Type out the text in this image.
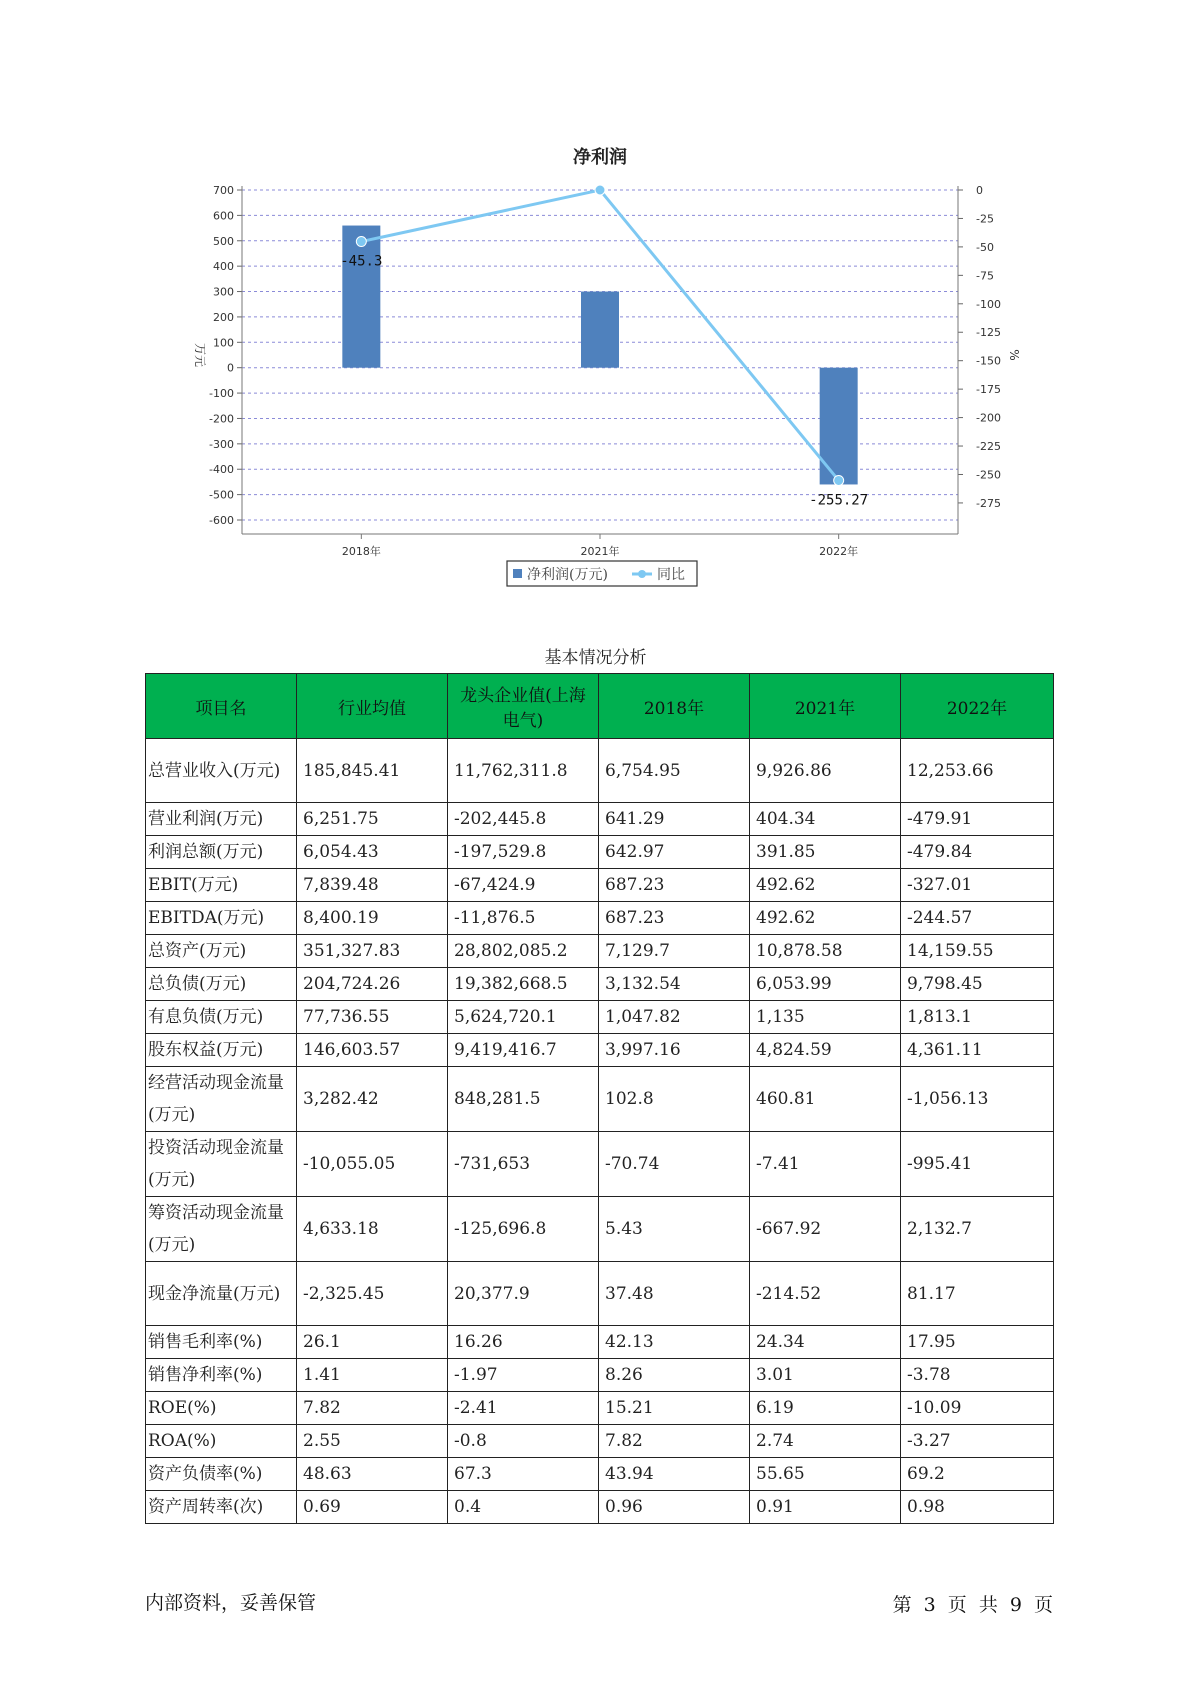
净利润
700
600
500
400
300
200
100
0
-100
-200
-300
-400
-500
-600
0
-25
-50
-75
-100
-125
-150
-175
-200
-225
-250
-275
万元	%
2018年	2021年	2022年
-45.3
-255.27
净利润(万元)	同比
基本情况分析
项目名	行业均值	龙头企业值(上海电气)	2018年	2021年	2022年
总营业收入(万元)	185,845.41	11,762,311.8	6,754.95	9,926.86	12,253.66
营业利润(万元)	6,251.75	-202,445.8	641.29	404.34	-479.91
利润总额(万元)	6,054.43	-197,529.8	642.97	391.85	-479.84
EBIT(万元)	7,839.48	-67,424.9	687.23	492.62	-327.01
EBITDA(万元)	8,400.19	-11,876.5	687.23	492.62	-244.57
总资产(万元)	351,327.83	28,802,085.2	7,129.7	10,878.58	14,159.55
总负债(万元)	204,724.26	19,382,668.5	3,132.54	6,053.99	9,798.45
有息负债(万元)	77,736.55	5,624,720.1	1,047.82	1,135	1,813.1
股东权益(万元)	146,603.57	9,419,416.7	3,997.16	4,824.59	4,361.11
经营活动现金流量(万元)	3,282.42	848,281.5	102.8	460.81	-1,056.13
投资活动现金流量(万元)	-10,055.05	-731,653	-70.74	-7.41	-995.41
筹资活动现金流量(万元)	4,633.18	-125,696.8	5.43	-667.92	2,132.7
现金净流量(万元)	-2,325.45	20,377.9	37.48	-214.52	81.17
销售毛利率(%)	26.1	16.26	42.13	24.34	17.95
销售净利率(%)	1.41	-1.97	8.26	3.01	-3.78
ROE(%)	7.82	-2.41	15.21	6.19	-10.09
ROA(%)	2.55	-0.8	7.82	2.74	-3.27
资产负债率(%)	48.63	67.3	43.94	55.65	69.2
资产周转率(次)	0.69	0.4	0.96	0.91	0.98
内部资料，妥善保管	第 3 页 共 9 页
